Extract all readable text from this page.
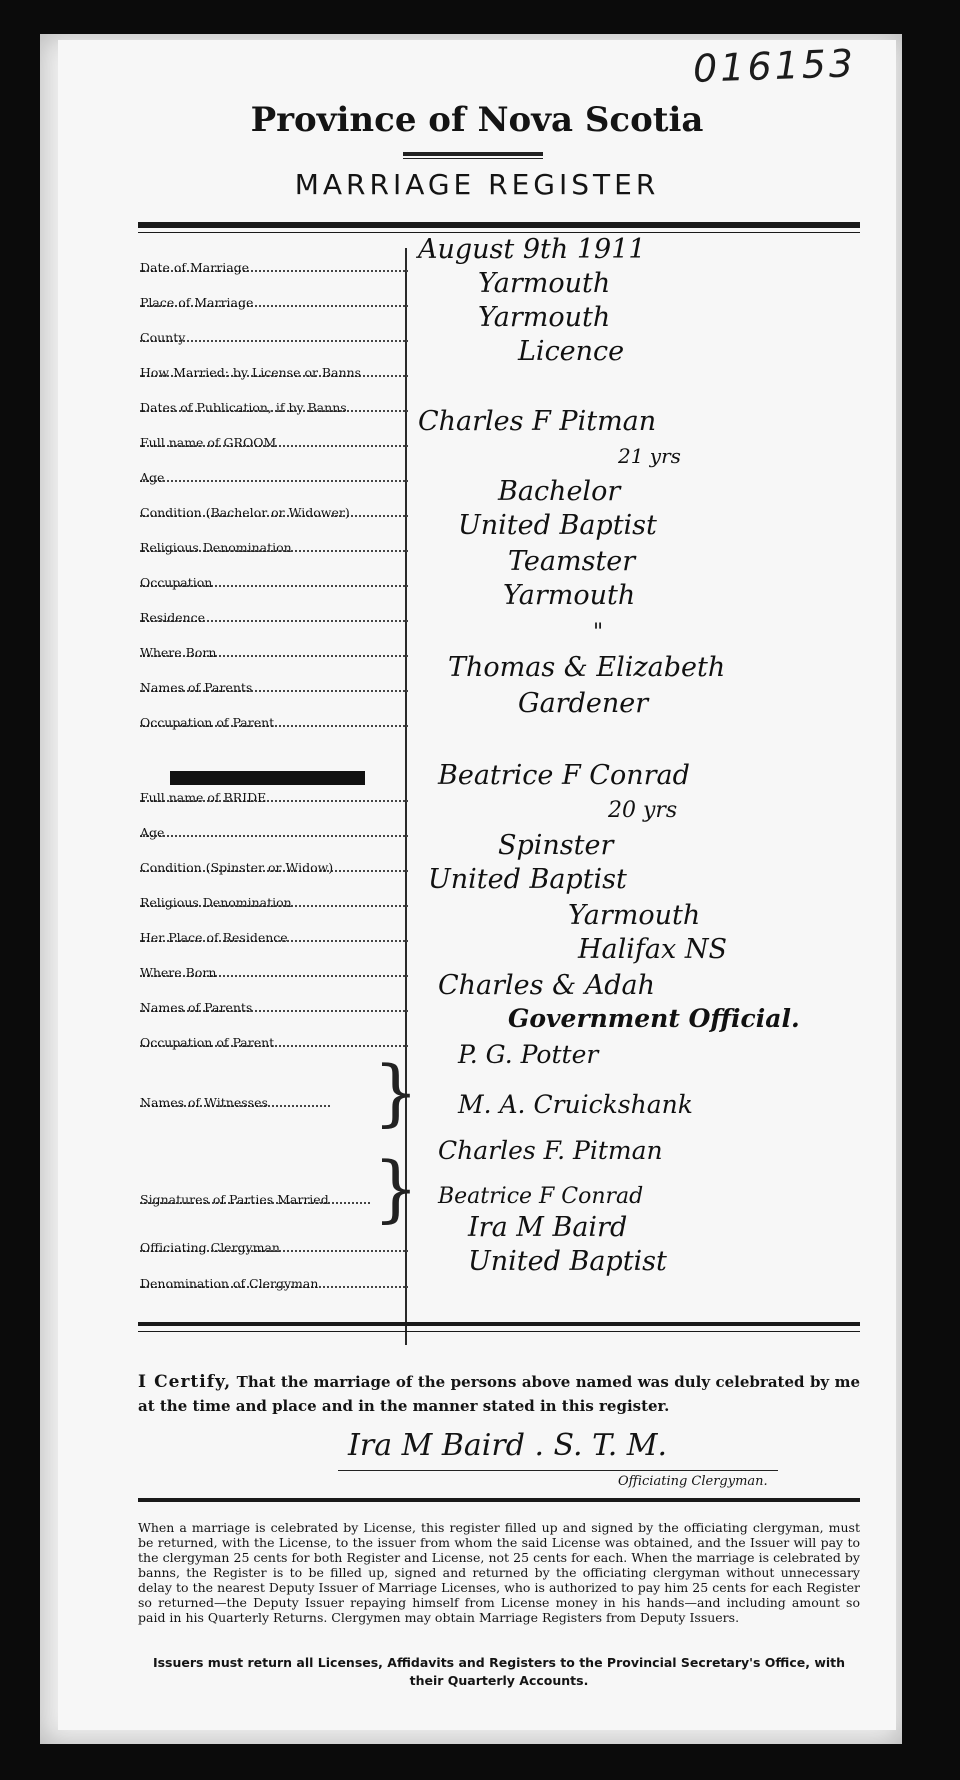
016153
Province of Nova Scotia
MARRIAGE REGISTER
Date of Marriage .....
August 9th 1911
Place of Marriage .....
Yarmouth
County .....
Yarmouth
How Married: by License or Banns .....
Licence
Dates of Publication, if by Banns .....
Full name of GROOM .....
Charles F Pitman
Age .....
21 yrs
Condition (Bachelor or Widower) .....
Bachelor
Religious Denomination .....
United Baptist
Occupation .....
Teamster
Residence .....
Yarmouth
Where Born .....
"
Names of Parents .....
Thomas & Elizabeth
Occupation of Parent .....
Gardener
Full name of BRIDE .....
Beatrice F Conrad
Age .....
20 yrs
Condition (Spinster or Widow) .....
Spinster
Religious Denomination .....
United Baptist
Her Place of Residence .....
Yarmouth
Where Born .....
Halifax NS
Names of Parents .....
Charles & Adah
Occupation of Parent .....
Government Official.
P. G. Potter
Names of Witnesses .....	}	M. A. Cruickshank
Charles F. Pitman
Signatures of Parties Married ..... } Beatrice F Conrad
Officiating Clergyman .....
Ira M Baird
Denomination of Clergyman .....
United Baptist
I Certify, That the marriage of the persons above named was duly celebrated by me at the time and place and in the manner stated in this register.
Ira M Baird . S. T. M.
Officiating Clergyman.
When a marriage is celebrated by License, this register filled up and signed by the officiating clergyman, must be returned, with the License, to the issuer from whom the said License was obtained, and the Issuer will pay to the clergyman 25 cents for both Register and License, not 25 cents for each. When the marriage is celebrated by banns, the Register is to be filled up, signed and returned by the officiating clergyman without unnecessary delay to the nearest Deputy Issuer of Marriage Licenses, who is authorized to pay him 25 cents for each Register so returned—the Deputy Issuer repaying himself from License money in his hands—and including amount so paid in his Quarterly Returns. Clergymen may obtain Marriage Registers from Deputy Issuers.
Issuers must return all Licenses, Affidavits and Registers to the Provincial Secretary's Office, with their Quarterly Accounts.
